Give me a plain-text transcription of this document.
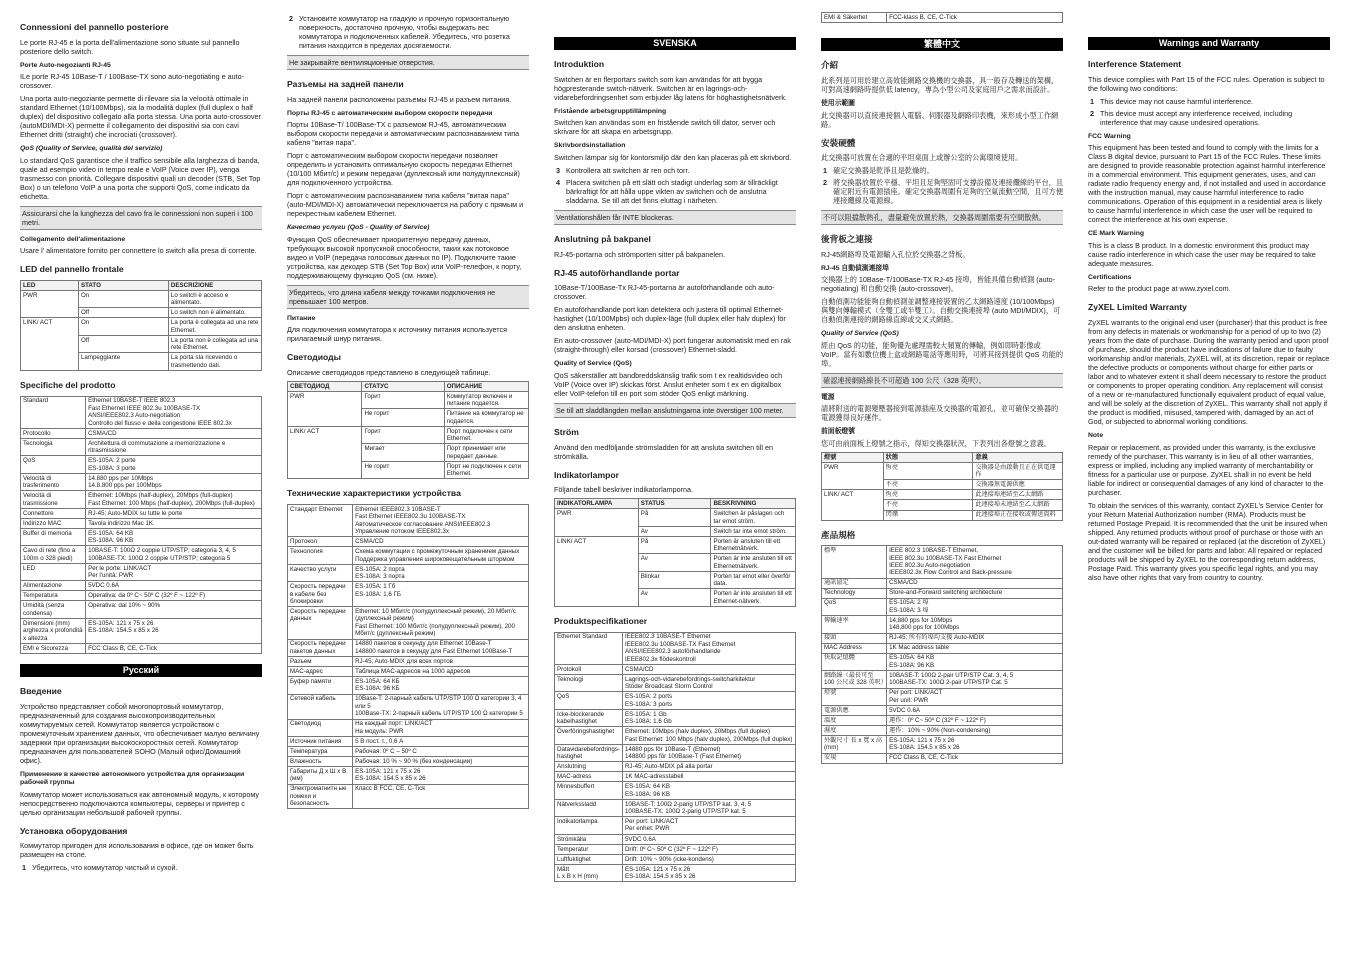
Connessioni del pannello posteriore
Le porte RJ-45 e la porta dell'alimentazione sono situate sul pannello posteriore dello switch.
Porte Auto-negozianti RJ-45
ILe porte RJ-45 10Base-T / 100Base-TX sono auto-negotiating e auto-crossover.
Una porta auto-negoziante permette di rilevare sia la velocità ottimale in standard Ethernet (10/100Mbps), sia la modalità duplex (full duplex o half duplex) del dispositivo collegato alla porta stessa. Una porta auto-crossover (autoMDI/MDI-X) permette il collegamento dei dispositivi sia con cavi Ethernet dritti (straight) che incrociati (crossover).
QoS (Quality of Service, qualità del servizio)
Lo standard QoS garantisce che il traffico sensibile alla larghezza di banda, quale ad esempio video in tempo reale e VoIP (Voice over IP), venga trasmesso con priorità. Collegare dispositivi quali un decoder (STB, Set Top Box) o un telefono VoIP a una porta che supporti QoS, come indicato da etichetta.
Assicurarsi che la lunghezza del cavo fra le connessioni non superi i 100 metri.
Collegamento dell'alimentazione
Usare l' alimentatore fornito per connettere lo switch alla presa di corrente.
LED del pannello frontale
LED	STATO	DESCRIZIONE
PWR	On	Lo switch è acceso e alimentato.
	Off	Lo switch non è alimentato.
LINK/ ACT	On	La porta è collegata ad una rete Ethernet.
	Off	La porta non è collegata ad una rete Ethernet.
	Lampeggiante	La porta sta ricevendo o trasmettendo dati.
Specifiche del prodotto
Standard	Ethernet 10BASE-T IEEE 802.3
Fast Ethernet IEEE 802.3u 100BASE-TX
ANSI/IEEE802.3 Auto-negotiation
Controllo del flusso e della congestione IEEE 802.3x
Protocollo	CSMA/CD
Tecnologia	Architettura di commutazione a memorizzazione e ritrasmissione
QoS	ES-105A: 2 porte
ES-108A: 3 porte
Velocità di trasferimento	14.880 pps per 10Mbps
14.8.800 pps per 100Mbps
Velocità di trasmissione	Ethernet: 10Mbps (half-duplex), 20Mbps (full-duplex)
Fast Ethernet: 100 Mbps (half-duplex), 200Mbps (full-duplex)
Connettore	RJ-45; Auto-MDIX su tutte le porte
Indirizzo MAC	Tavola indirizzo Mac 1K
Buffer di memoria	ES-105A: 64 KB
ES-108A: 96 KB
Cavo di rete (fino a 100m o 328 piedi)	10BASE-T: 100Ω 2 coppie UTP/STP; categoria 3, 4, 5
100BASE-TX: 100Ω 2 coppie UTP/STP; categoria 5
LED	Per le porte: LINK/ACT
Per l'unità: PWR
Alimentazione	5VDC 0.6A
Temperatura	Operativa: da 0º C~ 50º C (32º F ~ 122º F)
Umidità (senza condensa)	Operativa: dal 10% ~ 90%
Dimensioni (mm) arghezza x profondità x altezza	ES-105A: 121 x 75 x 26
ES-108A: 154.5 x 85 x 26
EMI e Sicurezza	FCC Class B, CE, C-Tick
Русский
Введение
Устройство представляет собой многопортовый коммутатор, предназначенный для создания высокопроизводительных коммутируемых сетей. Коммутатор является устройством с промежуточным хранением данных, что обеспечивает малую величину задержки при организации высокоскоростных сетей. Коммутатор предназначен для пользователей SOHO (Малый офис/Домашний офис).
Применение в качестве автономного устройства для организации рабочей группы
Коммутатор может использоваться как автономный модуль, к которому непосредственно подключаются компьютеры, серверы и принтер с целью организации небольшой рабочей группы.
Установка оборудования
Коммутатор пригоден для использования в офисе, где он может быть размещен на столе.
1 Убедитесь, что коммутатор чистый и сухой.
2 Установите коммутатор на гладкую и прочную горизонтальную поверхность, достаточно прочную, чтобы выдержать вес коммутатора и подключенных кабелей. Убедитесь, что розетка питания находится в пределах досягаемости.
Не закрывайте вентиляционные отверстия.
Разъемы на задней панели
На задней панели расположены разъемы RJ-45 и разъем питания.
Порты RJ-45 с автоматическим выбором скорости передачи
Порты 10Base-T/ 100Base-TX с разъемом RJ-45, автоматическим выбором скорости передачи и автоматическим распознаванием типа кабеля "витая пара".
Порт с автоматическим выбором скорости передачи позволяет определить и установить оптимальную скорость передачи Ethernet (10/100 Мбит/с) и режим передачи (дуплексный или полудуплексный) для подключенного устройства.
Порт с автоматическим распознаванием типа кабеля "витая пара" (auto-MDI/MDI-X) автоматически переключается на работу с прямым и перекрестным кабелем Ethernet.
Качество услуги (QoS - Quality of Service)
Функция QoS обеспечивает приоритетную передачу данных, требующих высокой пропускной способности, таких как потоковое видео и VoIP (передача голосовых данных по IP). Подключите такие устройства, как декодер STB (Set Top Box) или VoIP-телефон, к порту, поддерживающему функцию QoS (см. ниже).
Убедитесь, что длина кабеля между точками подключения не превышает 100 метров.
Питание
Для подключения коммутатора к источнику питания используется прилагаемый шнур питания.
Светодиоды
Описание светодиодов представлено в следующей таблице.
СВЕТОДИОД	СТАТУС	ОПИСАНИЕ
PWR	Горит	Коммутатор включен и питание подается.
	Не горит	Питание на коммутатор не подается.
LINK/ ACT	Горит	Порт подключен к сети Ethernet.
	Мигает	Порт принимает или передает данные.
	Не горит	Порт не подключен к сети Ethernet.
Технические характеристики устройства
Стандарт Ethernet	Ethernet IEEE802.3 10BASE-T
Fast Ethernet IEEE802.3u 100BASE-TX
Автоматическое согласование ANSI/IEEE802.3
Управление потоком IEEE802.3x
Протокол	CSMA/CD
Технология	Схема коммутации с промежуточным хранением данных
Поддержка управления широковещательным штормом
Качество услуги	ES-105A: 2 порта
ES-108A: 3 порта
Скорость передачи в кабеле без блокировки	ES-105A: 1 Гб
ES-108A: 1,6 ГБ
Скорость передачи данных	Ethernet: 10 Мбит/с (полудуплексный режим), 20 Мбит/с (дуплексный режим)
Fast Ethernet: 100 Мбит/с (полудуплексный режим), 200 Мбит/с (дуплексный режим)
Скорость передачи пакетов данных	14880 пакетов в секунду для Ethernet 10Base-T
148800 пакетов в секунду для Fast Ethernet 100Base-T
Разъем	RJ-45; Auto-MDIX для всех портов
MAC-адрес	Таблица MAC-адресов на 1000 адресов
Буфер памяти	ES-105A: 64 КБ
ES-108A: 96 КБ
Сетевой кабель	10Base-T: 2-парный кабель UTP/STP 100 Ω категории 3, 4 или 5
100Base-TX: 2-парный кабель UTP/STP 100 Ω категории 5
Светодиод	На каждый порт: LINK/ACT
На модуль: PWR
Источник питания	5 В пост. т., 0,6 А
Температура	Рабочая: 0º C – 50º C
Влажность	Рабочая: 10 % ~ 90 % (без конденсации)
Габариты Д х Ш х В (мм)	ES-105A: 121 x 75 x 26
ES-108A: 154.5 x 85 x 26
Электромагнитн ые помехи и безопасность	Класс B FCC, CE, C-Tick
SVENSKA
Introduktion
Switchen är en flerportars switch som kan användas för att bygga högpresterande switch-nätverk. Switchen är en lagrings-och-vidarebefordringsenhet som erbjuder låg latens för höghastighetsnätverk.
Fristående arbetsgrupptillämpning
Switchen kan användas som en fristående switch till dator, server och skrivare för att skapa en arbetsgrupp.
Skrivbordsinstallation
Switchen lämpar sig för kontorsmiljö där den kan placeras på ett skrivbord.
3 Kontrollera att switchen är ren och torr.
4 Placera switchen på ett slätt och stadigt underlag som är tillräckligt bärkraftigt för att hålla uppe vikten av switchen och de anslutna sladdarna. Se till att det finns eluttag i närheten.
Ventilationshålen får INTE blockeras.
Anslutning på bakpanel
RJ-45-portarna och strömporten sitter på bakpanelen.
RJ-45 autoförhandlande portar
10Base-T/100Base-Tx RJ-45-portarna är autoförhandlande och auto-crossover.
En autoförhandlande port kan detektera och justera till optimal Ethernet-hastighet (10/100Mpbs) och duplex-läge (full duplex eller halv duplex) för den anslutna enheten.
En auto-crossover (auto-MDI/MDI-X) port fungerar automatiskt med en rak (straight-through) eller korsad (crossover) Ethernet-sladd.
Quality of Service (QoS)
QoS säkerställer att bandbreddskänslig trafik som t ex realtidsvideo och VoIP (Voice over IP) skickas först. Anslut enheter som t ex en digitalbox eller VoIP-telefon till en port som stöder QoS enligt märkning.
Se till att sladdlängden mellan anslutningarna inte överstiger 100 meter.
Ström
Använd den medföljande strömsladden för att ansluta switchen till en strömkälla.
Indikatorlampor
Följande tabell beskriver indikatorlamporna.
INDIKATORLAMPA	STATUS	BESKRIVNING
PWR	På	Switchen är påslagen och tar emot ström.
	Av	Switch tar inte emot ström.
LINK/ ACT	På	Porten är ansluten till ett Ethernetnätverk.
	Av	Porten är inte ansluten till ett Ethernetnätverk.
	Blinkar	Porten tar emot eller överför data.
	Av	Porten är inte ansluten till ett Ethernet-nätverk.
Produktspecifikationer
Ethernet Standard	IEEE802.3 10BASE-T Ethernet
IEEE802.3u 100BASE-TX Fast Ethernet
ANSI/IEEE802.3 autoförhandlande
IEEE802.3x flödeskontroll
Protokoll	CSMA/CD
Teknologi	Lagrings-och-vidarebefordrings-switcharkitektur
Stöder Broadcast Storm Control
QoS	ES-105A: 2 ports
ES-108A: 3 ports
Icke-blockerande kabelhastighet	ES-105A: 1 Gb
ES-108A: 1.6 Gb
Överföringshastighet	Ethernet: 10Mbps (halv duplex), 20Mbps (full duplex)
Fast Ethernet: 100 Mbps (halv duplex), 200Mbps (full duplex)
Datavidarebefordrings-hastighet	14880 pps för 10Base-T (Ethernet)
148800 pps för 100Base-T (Fast Ethernet)
Anslutning	RJ-45; Auto-MDIX på alla portar
MAC-adress	1K MAC-adresstabell
Minnesbuffert	ES-105A: 64 KB
ES-108A: 96 KB
Nätverkssladd	10BASE-T: 100Ω 2-parig UTP/STP kat. 3, 4, 5
100BASE-TX: 100Ω 2-parig UTP/STP kat. 5
Indikatorlampa	Per port: LINK/ACT
Per enhet: PWR
Strömkälla	5VDC 0.6A
Temperatur	Drift: 0º C~ 50º C (32º F ~ 122º F)
Luftfuktighet	Drift: 10% ~ 90% (icke-kondens)
Mått
L x B x H (mm)	ES-105A: 121 x 75 x 26
ES-108A: 154.5 x 85 x 26
EMI & Säkerhet	FCC-klass B, CE, C-Tick
繁體中文
介紹
此系列是可用於建立高效能網路交換機的交換器，具一般存及轉送的架構，可對高速網路時提供低 latency，專為小型公司及家庭用戶之需求而設計。
使用示範圖
此交換器可以直接連接個人電腦、伺服器及網路印表機，來形成小型工作網路。
安裝硬體
此交換器可放置在合適的平坦桌面上或辦公室的公寓環境使用。
1 確定交換器是乾淨且是乾燥的。
2 將交換器放置於平穩、平坦且足夠堅固可支撐設備及連接纜線的平台，且確定附近有電源插座。確定交換器周圍有足夠的空氣流動空間，且可方便連接纜線及電源線。
不可以阻擋散熱孔，盡量避免放置於熱，交換器周圍需要有空間散熱。
後背板之連接
RJ-45網路埠及電源輸入孔位於交換器之背板。
RJ-45 自動偵測連接埠
交換器上的 10Base-T/100Base-TX RJ-45 接埠，皆能具備自動偵測 (auto-negotiating) 和自動交換 (auto-crossover)。
自動偵測功能能夠自動偵測並調整連接裝置的乙太網路速度 (10/100Mbps) 與雙向傳輸模式（全雙工或半雙工）。自動交換連接埠 (auto MDI/MDIX)，可自動偵測連接的網路線直線或交叉式網路。
Quality of Service (QoS)
經由 QoS 的功能，能夠優先處理需較大頻寬的傳輸，例如即時影像或 VoIP。當有如數位機上盒或網路電話等應用時，可將其接到提供 QoS 功能的埠。
確認連接網路線長不可超過 100 公尺（328 英呎）。
電源
請將附送的電源變壓器接到電源插座及交換器的電源孔，並可確保交換器的電源獲得良好運作。
前面板燈號
您可由前面板上燈號之指示，得知交換器狀況，下表列出各燈號之意義。
燈號	狀態	意義
PWR	恆亮	交換器是由啟動且正在供電運作
	不亮	交換器無電源供應
LINK/ ACT	恆亮	此連接埠連結至乙太網路
	不亮	此連接埠未連結至乙太網路
	閃爍	此連接埠正在接收或傳送資料
產品規格
標準	IEEE 802.3 10BASE-T Ethernet,
IEEE 802.3u 100BASE-TX Fast Ethernet
IEEE 802.3u Auto-negotiation
IEEE802.3x Flow Control and Back-pressure
通訊協定	CSMA/CD
Technology	Store-and-Forward switching architecture
QoS	ES-105A: 2 埠
ES-108A: 3 埠
傳輸速率	14,880 pps for 10Mbps
148,800 pps for 100Mbps
接頭	RJ-45; 所有的埠均支援 Auto-MDIX
MAC Address	1K Mac address table
快取記憶體	ES-105A: 64 KB
ES-108A: 96 KB
網路線（最長可至 100 公尺或 328 英呎）	10BASE-T: 100Ω 2-pair UTP/STP Cat. 3, 4, 5
100BASE-TX: 100Ω 2-pair UTP/STP Cat. 5
燈號	Per port: LINK/ACT
Per unit: PWR
電源供應	5VDC 0.6A
溫度	運作：0º C~ 50º C (32º F ~ 122º F)
濕度	運作：10% ~ 90% (Non-condensing)
外觀尺寸 長 x 寬 x 高 (mm)	ES-105A: 121 x 75 x 26
ES-108A: 154.5 x 85 x 26
安規	FCC Class B, CE, C-Tick
Warnings and Warranty
Interference Statement
This device complies with Part 15 of the FCC rules. Operation is subject to the following two conditions:
1 This device may not cause harmful interference.
2 This device must accept any interference received, including interference that may cause undesired operations.
FCC Warning
This equipment has been tested and found to comply with the limits for a Class B digital device, pursuant to Part 15 of the FCC Rules. These limits are designed to provide reasonable protection against harmful interference in a commercial environment. This equipment generates, uses, and can radiate radio frequency energy and, if not installed and used in accordance with the instruction manual, may cause harmful interference to radio communications. Operation of this equipment in a residential area is likely to cause harmful interference in which case the user will be required to correct the interference at his own expense.
CE Mark Warning
This is a class B product. In a domestic environment this product may cause radio interference in which case the user may be required to take adequate measures.
Certifications
Refer to the product page at www.zyxel.com.
ZyXEL Limited Warranty
ZyXEL warrants to the original end user (purchaser) that this product is free from any defects in materials or workmanship for a period of up to two (2) years from the date of purchase. During the warranty period and upon proof of purchase, should the product have indications of failure due to faulty workmanship and/or materials, ZyXEL will, at its discretion, repair or replace the defective products or components without charge for either parts or labor and to whatever extent it shall deem necessary to restore the product or components to proper operating condition. Any replacement will consist of a new or re-manufactured functionally equivalent product of equal value, and will be solely at the discretion of ZyXEL. This warranty shall not apply if the product is modified, misused, tampered with, damaged by an act of God, or subjected to abnormal working conditions.
Note
Repair or replacement, as provided under this warranty, is the exclusive remedy of the purchaser. This warranty is in lieu of all other warranties, express or implied, including any implied warranty of merchantability or fitness for a particular use or purpose. ZyXEL shall in no event be held liable for indirect or consequential damages of any kind of character to the purchaser.
To obtain the services of this warranty, contact ZyXEL's Service Center for your Return Material Authorization number (RMA). Products must be returned Postage Prepaid. It is recommended that the unit be insured when shipped. Any returned products without proof of purchase or those with an out-dated warranty will be repaired or replaced (at the discretion of ZyXEL) and the customer will be billed for parts and labor. All repaired or replaced products will be shipped by ZyXEL to the corresponding return address, Postage Paid. This warranty gives you specific legal rights, and you may also have other rights that vary from country to country.
